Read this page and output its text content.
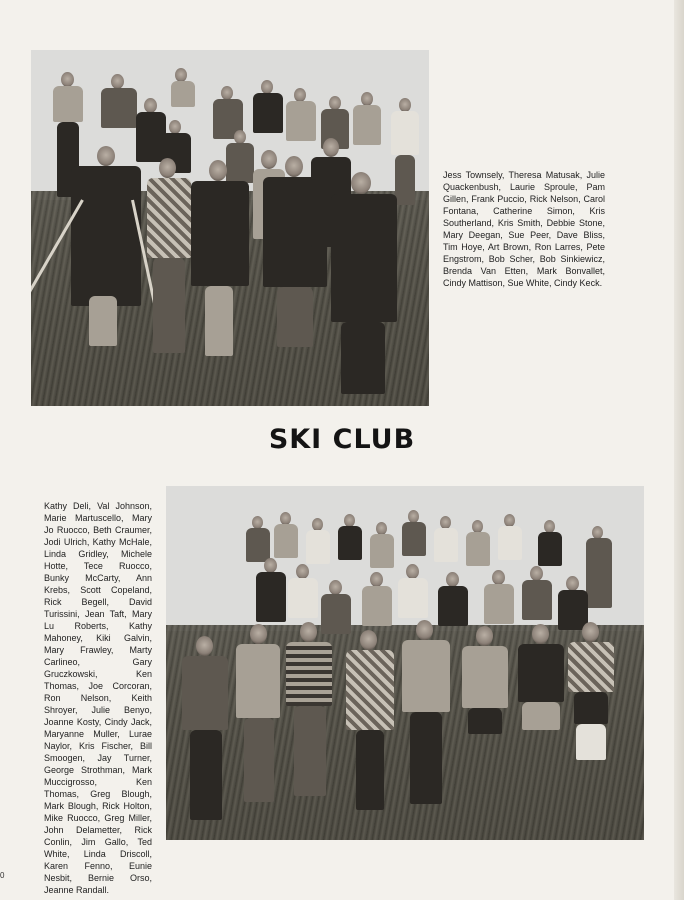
Jess Townsely, Theresa Matusak, Julie Quackenbush, Laurie Sproule, Pam Gillen, Frank Puccio, Rick Nelson, Carol Fontana, Catherine Simon, Kris Southerland, Kris Smith, Debbie Stone, Mary Deegan, Sue Peer, Dave Bliss, Tim Hoye, Art Brown, Ron Larres, Pete Engstrom, Bob Scher, Bob Sinkiewicz, Brenda Van Etten, Mark Bonvallet, Cindy Mattison, Sue White, Cindy Keck.
SKI CLUB
Kathy Deli, Val Johnson, Marie Martuscello, Mary Jo Ruocco, Beth Craumer, Jodi Ulrich, Kathy McHale, Linda Gridley, Michele Hotte, Tece Ruocco, Bunky McCarty, Ann Krebs, Scott Copeland, Rick Begell, David Turissini, Jean Taft, Mary Lu Roberts, Kathy Mahoney, Kiki Galvin, Mary Frawley, Marty Carlineo, Gary Gruczkowski, Ken Thomas, Joe Corcoran, Ron Nelson, Keith Shroyer, Julie Benyo, Joanne Kosty, Cindy Jack, Maryanne Muller, Lurae Naylor, Kris Fischer, Bill Smoogen, Jay Turner, George Strothman, Mark Muccigrosso, Ken Thomas, Greg Blough, Mark Blough, Rick Holton, Mike Ruocco, Greg Miller, John Delametter, Rick Conlin, Jim Gallo, Ted White, Linda Driscoll, Karen Fenno, Eunie Nesbit, Bernie Orso, Jeanne Randall.
0
